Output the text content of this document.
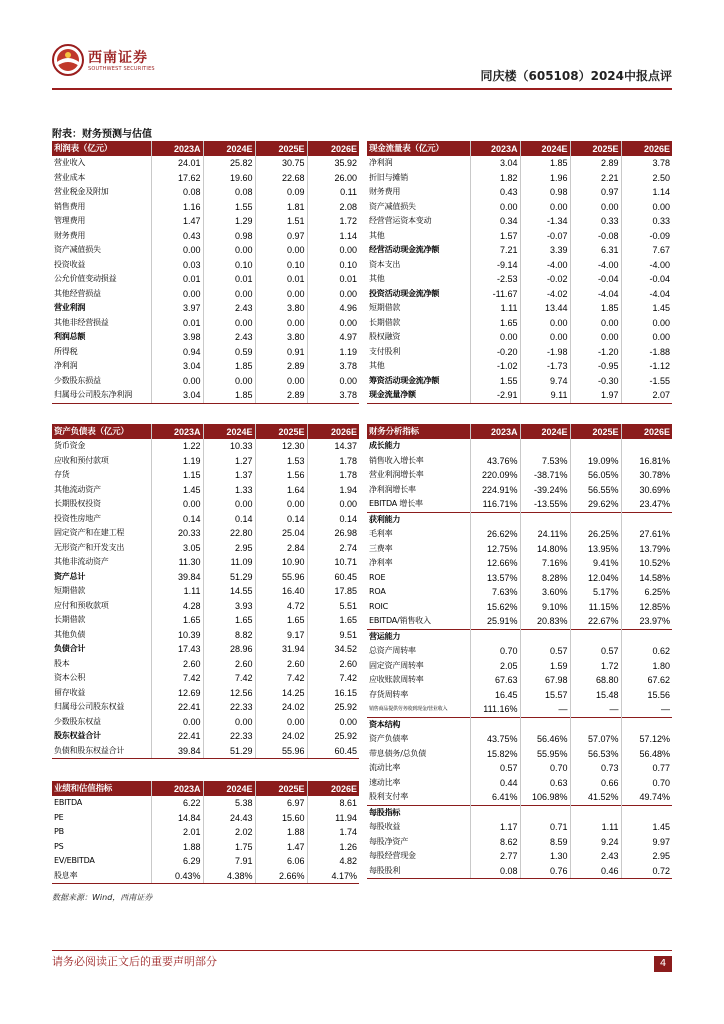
西南证券
SOUTHWEST SECURITIES	同庆楼（605108）2024中报点评
附表：财务预测与估值
利润表（亿元）	2023A	2024E	2025E	2026E
营业收入	24.01	25.82	30.75	35.92
营业成本	17.62	19.60	22.68	26.00
营业税金及附加	0.08	0.08	0.09	0.11
销售费用	1.16	1.55	1.81	2.08
管理费用	1.47	1.29	1.51	1.72
财务费用	0.43	0.98	0.97	1.14
资产减值损失	0.00	0.00	0.00	0.00
投资收益	0.03	0.10	0.10	0.10
公允价值变动损益	0.01	0.01	0.01	0.01
其他经营损益	0.00	0.00	0.00	0.00
营业利润	3.97	2.43	3.80	4.96
其他非经营损益	0.01	0.00	0.00	0.00
利润总额	3.98	2.43	3.80	4.97
所得税	0.94	0.59	0.91	1.19
净利润	3.04	1.85	2.89	3.78
少数股东损益	0.00	0.00	0.00	0.00
归属母公司股东净利润	3.04	1.85	2.89	3.78
现金流量表（亿元）	2023A	2024E	2025E	2026E
净利润	3.04	1.85	2.89	3.78
折旧与摊销	1.82	1.96	2.21	2.50
财务费用	0.43	0.98	0.97	1.14
资产减值损失	0.00	0.00	0.00	0.00
经营营运资本变动	0.34	-1.34	0.33	0.33
其他	1.57	-0.07	-0.08	-0.09
经营活动现金流净额	7.21	3.39	6.31	7.67
资本支出	-9.14	-4.00	-4.00	-4.00
其他	-2.53	-0.02	-0.04	-0.04
投资活动现金流净额	-11.67	-4.02	-4.04	-4.04
短期借款	1.11	13.44	1.85	1.45
长期借款	1.65	0.00	0.00	0.00
股权融资	0.00	0.00	0.00	0.00
支付股利	-0.20	-1.98	-1.20	-1.88
其他	-1.02	-1.73	-0.95	-1.12
筹资活动现金流净额	1.55	9.74	-0.30	-1.55
现金流量净额	-2.91	9.11	1.97	2.07
资产负债表（亿元）	2023A	2024E	2025E	2026E
货币资金	1.22	10.33	12.30	14.37
应收和预付款项	1.19	1.27	1.53	1.78
存货	1.15	1.37	1.56	1.78
其他流动资产	1.45	1.33	1.64	1.94
长期股权投资	0.00	0.00	0.00	0.00
投资性房地产	0.14	0.14	0.14	0.14
固定资产和在建工程	20.33	22.80	25.04	26.98
无形资产和开发支出	3.05	2.95	2.84	2.74
其他非流动资产	11.30	11.09	10.90	10.71
资产总计	39.84	51.29	55.96	60.45
短期借款	1.11	14.55	16.40	17.85
应付和预收款项	4.28	3.93	4.72	5.51
长期借款	1.65	1.65	1.65	1.65
其他负债	10.39	8.82	9.17	9.51
负债合计	17.43	28.96	31.94	34.52
股本	2.60	2.60	2.60	2.60
资本公积	7.42	7.42	7.42	7.42
留存收益	12.69	12.56	14.25	16.15
归属母公司股东权益	22.41	22.33	24.02	25.92
少数股东权益	0.00	0.00	0.00	0.00
股东权益合计	22.41	22.33	24.02	25.92
负债和股东权益合计	39.84	51.29	55.96	60.45
财务分析指标	2023A	2024E	2025E	2026E
成长能力				
销售收入增长率	43.76%	7.53%	19.09%	16.81%
营业利润增长率	220.09%	-38.71%	56.05%	30.78%
净利润增长率	224.91%	-39.24%	56.55%	30.69%
EBITDA 增长率	116.71%	-13.55%	29.62%	23.47%
获利能力				
毛利率	26.62%	24.11%	26.25%	27.61%
三费率	12.75%	14.80%	13.95%	13.79%
净利率	12.66%	7.16%	9.41%	10.52%
ROE	13.57%	8.28%	12.04%	14.58%
ROA	7.63%	3.60%	5.17%	6.25%
ROIC	15.62%	9.10%	11.15%	12.85%
EBITDA/销售收入	25.91%	20.83%	22.67%	23.97%
营运能力				
总资产周转率	0.70	0.57	0.57	0.62
固定资产周转率	2.05	1.59	1.72	1.80
应收账款周转率	67.63	67.98	68.80	67.62
存货周转率	16.45	15.57	15.48	15.56
销售商品提供劳务收到现金/营业收入	111.16%	—	—	—
资本结构				
资产负债率	43.75%	56.46%	57.07%	57.12%
带息债务/总负债	15.82%	55.95%	56.53%	56.48%
流动比率	0.57	0.70	0.73	0.77
速动比率	0.44	0.63	0.66	0.70
股利支付率	6.41%	106.98%	41.52%	49.74%
每股指标				
每股收益	1.17	0.71	1.11	1.45
每股净资产	8.62	8.59	9.24	9.97
每股经营现金	2.77	1.30	2.43	2.95
每股股利	0.08	0.76	0.46	0.72
业绩和估值指标	2023A	2024E	2025E	2026E
EBITDA	6.22	5.38	6.97	8.61
PE	14.84	24.43	15.60	11.94
PB	2.01	2.02	1.88	1.74
PS	1.88	1.75	1.47	1.26
EV/EBITDA	6.29	7.91	6.06	4.82
股息率	0.43%	4.38%	2.66%	4.17%
数据来源：Wind，西南证券
请务必阅读正文后的重要声明部分	4
